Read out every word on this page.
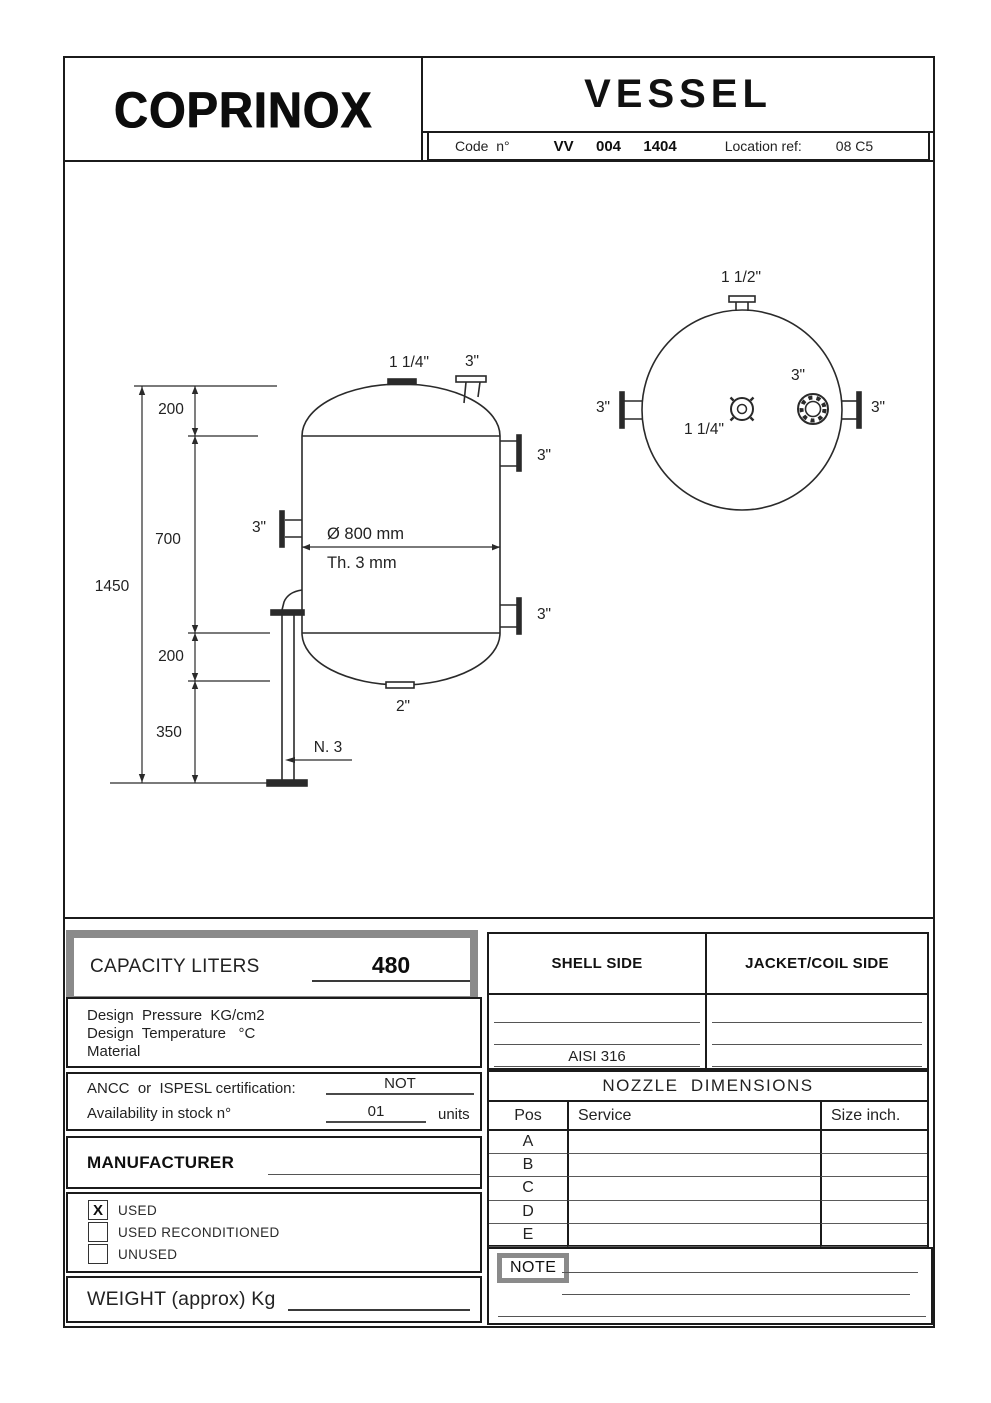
COPRINOX	VESSEL
Code  n°	VV  004  1404	Location ref: 08 C5
1 1/4" 3"
3"
3"
3"
2"
N. 3
Ø 800 mm
Th. 3 mm
1450
200
700
200
350
1 1/2"
3"	3"
3"
1 1/4"
CAPACITY LITERS	480
Design  Pressure  KG/cm2
Design  Temperature   °C
Material
ANCC  or  ISPESL certification:	NOT
Availability in stock n°	01	units
MANUFACTURER
X	USED
USED RECONDITIONED
UNUSED
WEIGHT (approx) Kg
SHELL SIDE	JACKET/COIL SIDE
AISI 316
NOZZLE  DIMENSIONS
Pos	Service	Size inch.
A
B
C
D
E
NOTE
